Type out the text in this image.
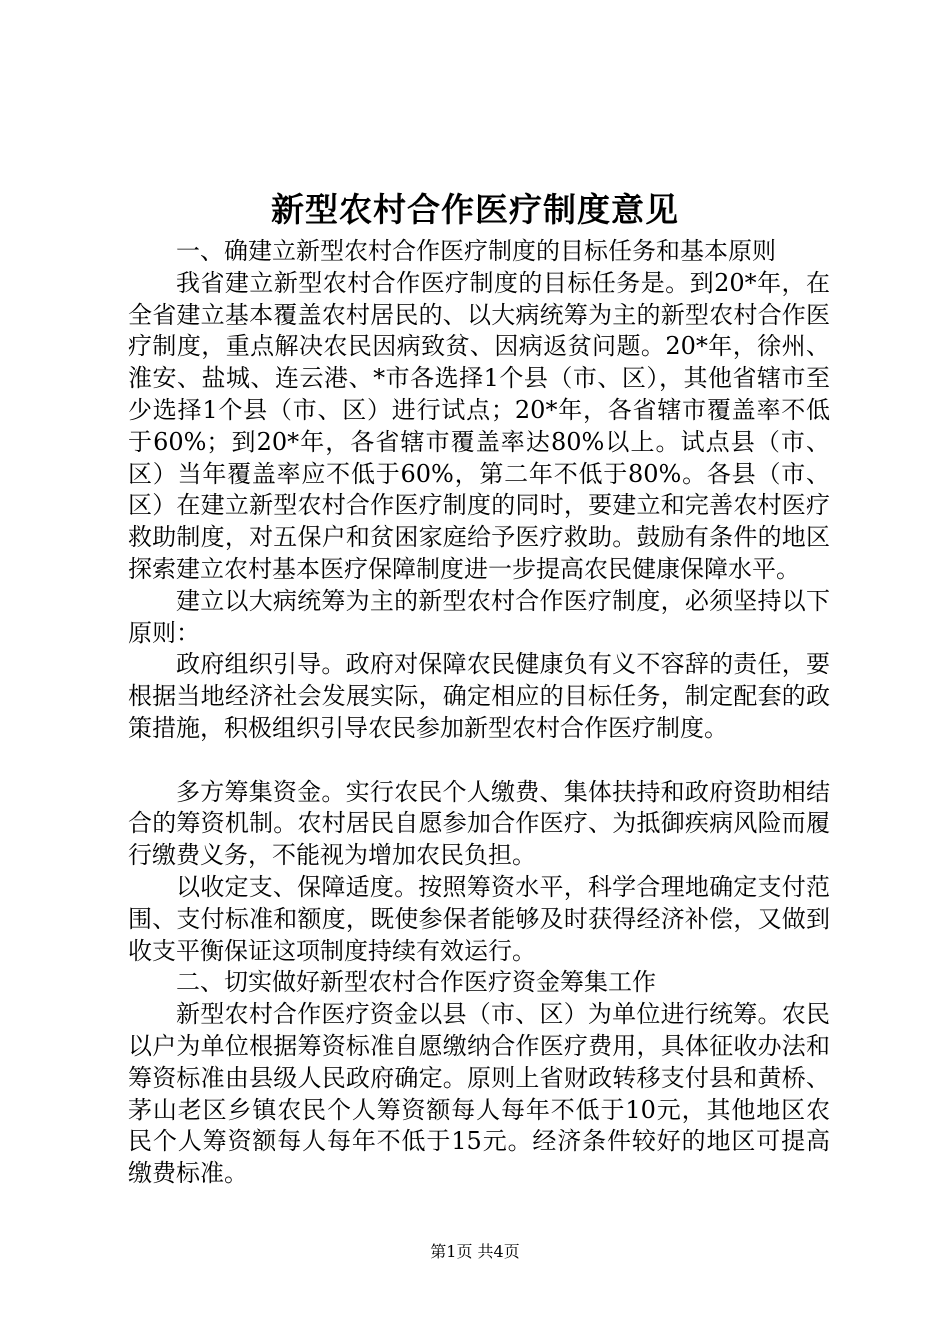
新型农村合作医疗制度意见

一、确建立新型农村合作医疗制度的目标任务和基本原则

我省建立新型农村合作医疗制度的目标任务是。到20*年，在全省建立基本覆盖农村居民的、以大病统筹为主的新型农村合作医疗制度，重点解决农民因病致贫、因病返贫问题。20*年，徐州、淮安、盐城、连云港、*市各选择1个县（市、区），其他省辖市至少选择1个县（市、区）进行试点；20*年，各省辖市覆盖率不低于60%；到20*年，各省辖市覆盖率达80%以上。试点县（市、区）当年覆盖率应不低于60%，第二年不低于80%。各县（市、区）在建立新型农村合作医疗制度的同时，要建立和完善农村医疗救助制度，对五保户和贫困家庭给予医疗救助。鼓励有条件的地区探索建立农村基本医疗保障制度进一步提高农民健康保障水平。

建立以大病统筹为主的新型农村合作医疗制度，必须坚持以下原则：

政府组织引导。政府对保障农民健康负有义不容辞的责任，要根据当地经济社会发展实际，确定相应的目标任务，制定配套的政策措施，积极组织引导农民参加新型农村合作医疗制度。

多方筹集资金。实行农民个人缴费、集体扶持和政府资助相结合的筹资机制。农村居民自愿参加合作医疗、为抵御疾病风险而履行缴费义务，不能视为增加农民负担。

以收定支、保障适度。按照筹资水平，科学合理地确定支付范围、支付标准和额度，既使参保者能够及时获得经济补偿，又做到收支平衡保证这项制度持续有效运行。

二、切实做好新型农村合作医疗资金筹集工作

新型农村合作医疗资金以县（市、区）为单位进行统筹。农民以户为单位根据筹资标准自愿缴纳合作医疗费用，具体征收办法和筹资标准由县级人民政府确定。原则上省财政转移支付县和黄桥、茅山老区乡镇农民个人筹资额每人每年不低于10元，其他地区农民个人筹资额每人每年不低于15元。经济条件较好的地区可提高缴费标准。

第1页 共4页
